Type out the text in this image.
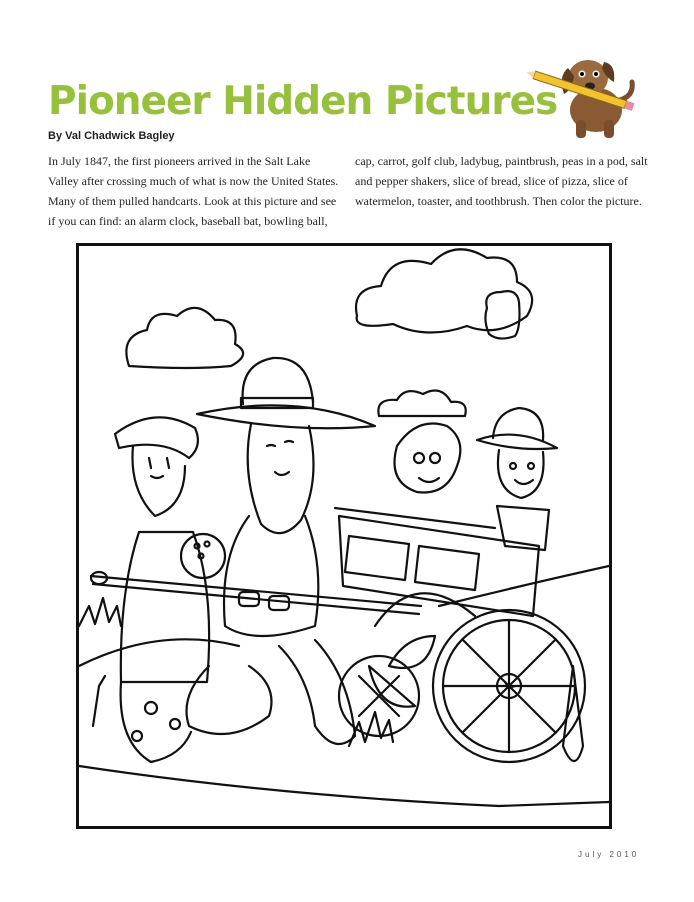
Pioneer Hidden Pictures
By Val Chadwick Bagley

In July 1847, the first pioneers arrived in the Salt Lake Valley after crossing much of what is now the United States. Many of them pulled handcarts. Look at this picture and see if you can find: an alarm clock, baseball bat, bowling ball, cap, carrot, golf club, ladybug, paintbrush, peas in a pod, salt and pepper shakers, slice of bread, slice of pizza, slice of watermelon, toaster, and toothbrush. Then color the picture.

July 2010
